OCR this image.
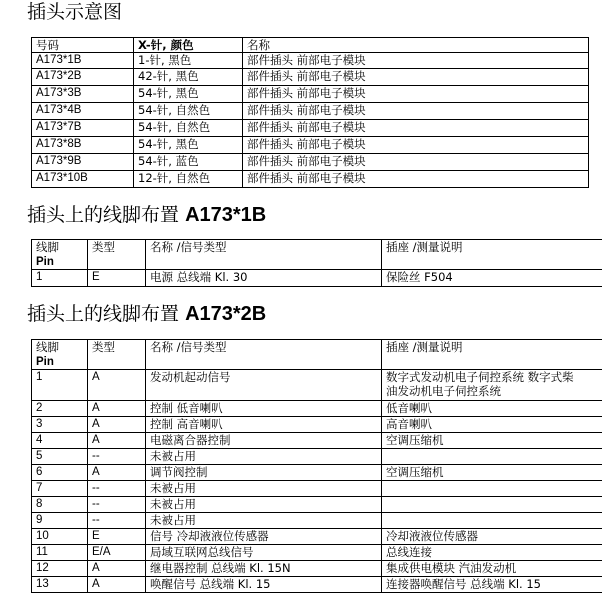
插头示意图
号码	X-针, 颜色	名称
A173*1B	1-针, 黑色	部件插头 前部电子模块
A173*2B	42-针, 黑色	部件插头 前部电子模块
A173*3B	54-针, 黑色	部件插头 前部电子模块
A173*4B	54-针, 自然色	部件插头 前部电子模块
A173*7B	54-针, 自然色	部件插头 前部电子模块
A173*8B	54-针, 黑色	部件插头 前部电子模块
A173*9B	54-针, 蓝色	部件插头 前部电子模块
A173*10B	12-针, 自然色	部件插头 前部电子模块
插头上的线脚布置 A173*1B
线脚
Pin	类型	名称 /信号类型	插座 /测量说明
1	E	电源 总线端 Kl. 30	保险丝 F504
插头上的线脚布置 A173*2B
线脚
Pin	类型	名称 /信号类型	插座 /测量说明
1	A	发动机起动信号	数字式发动机电子伺控系统 数字式柴
油发动机电子伺控系统
2	A	控制 低音喇叭	低音喇叭
3	A	控制 高音喇叭	高音喇叭
4	A	电磁离合器控制	空调压缩机
5	--	未被占用	
6	A	调节阀控制	空调压缩机
7	--	未被占用	
8	--	未被占用	
9	--	未被占用	
10	E	信号 冷却液液位传感器	冷却液液位传感器
11	E/A	局域互联网总线信号	总线连接
12	A	继电器控制 总线端 Kl. 15N	集成供电模块 汽油发动机
13	A	唤醒信号 总线端 Kl. 15	连接器唤醒信号 总线端 Kl. 15
